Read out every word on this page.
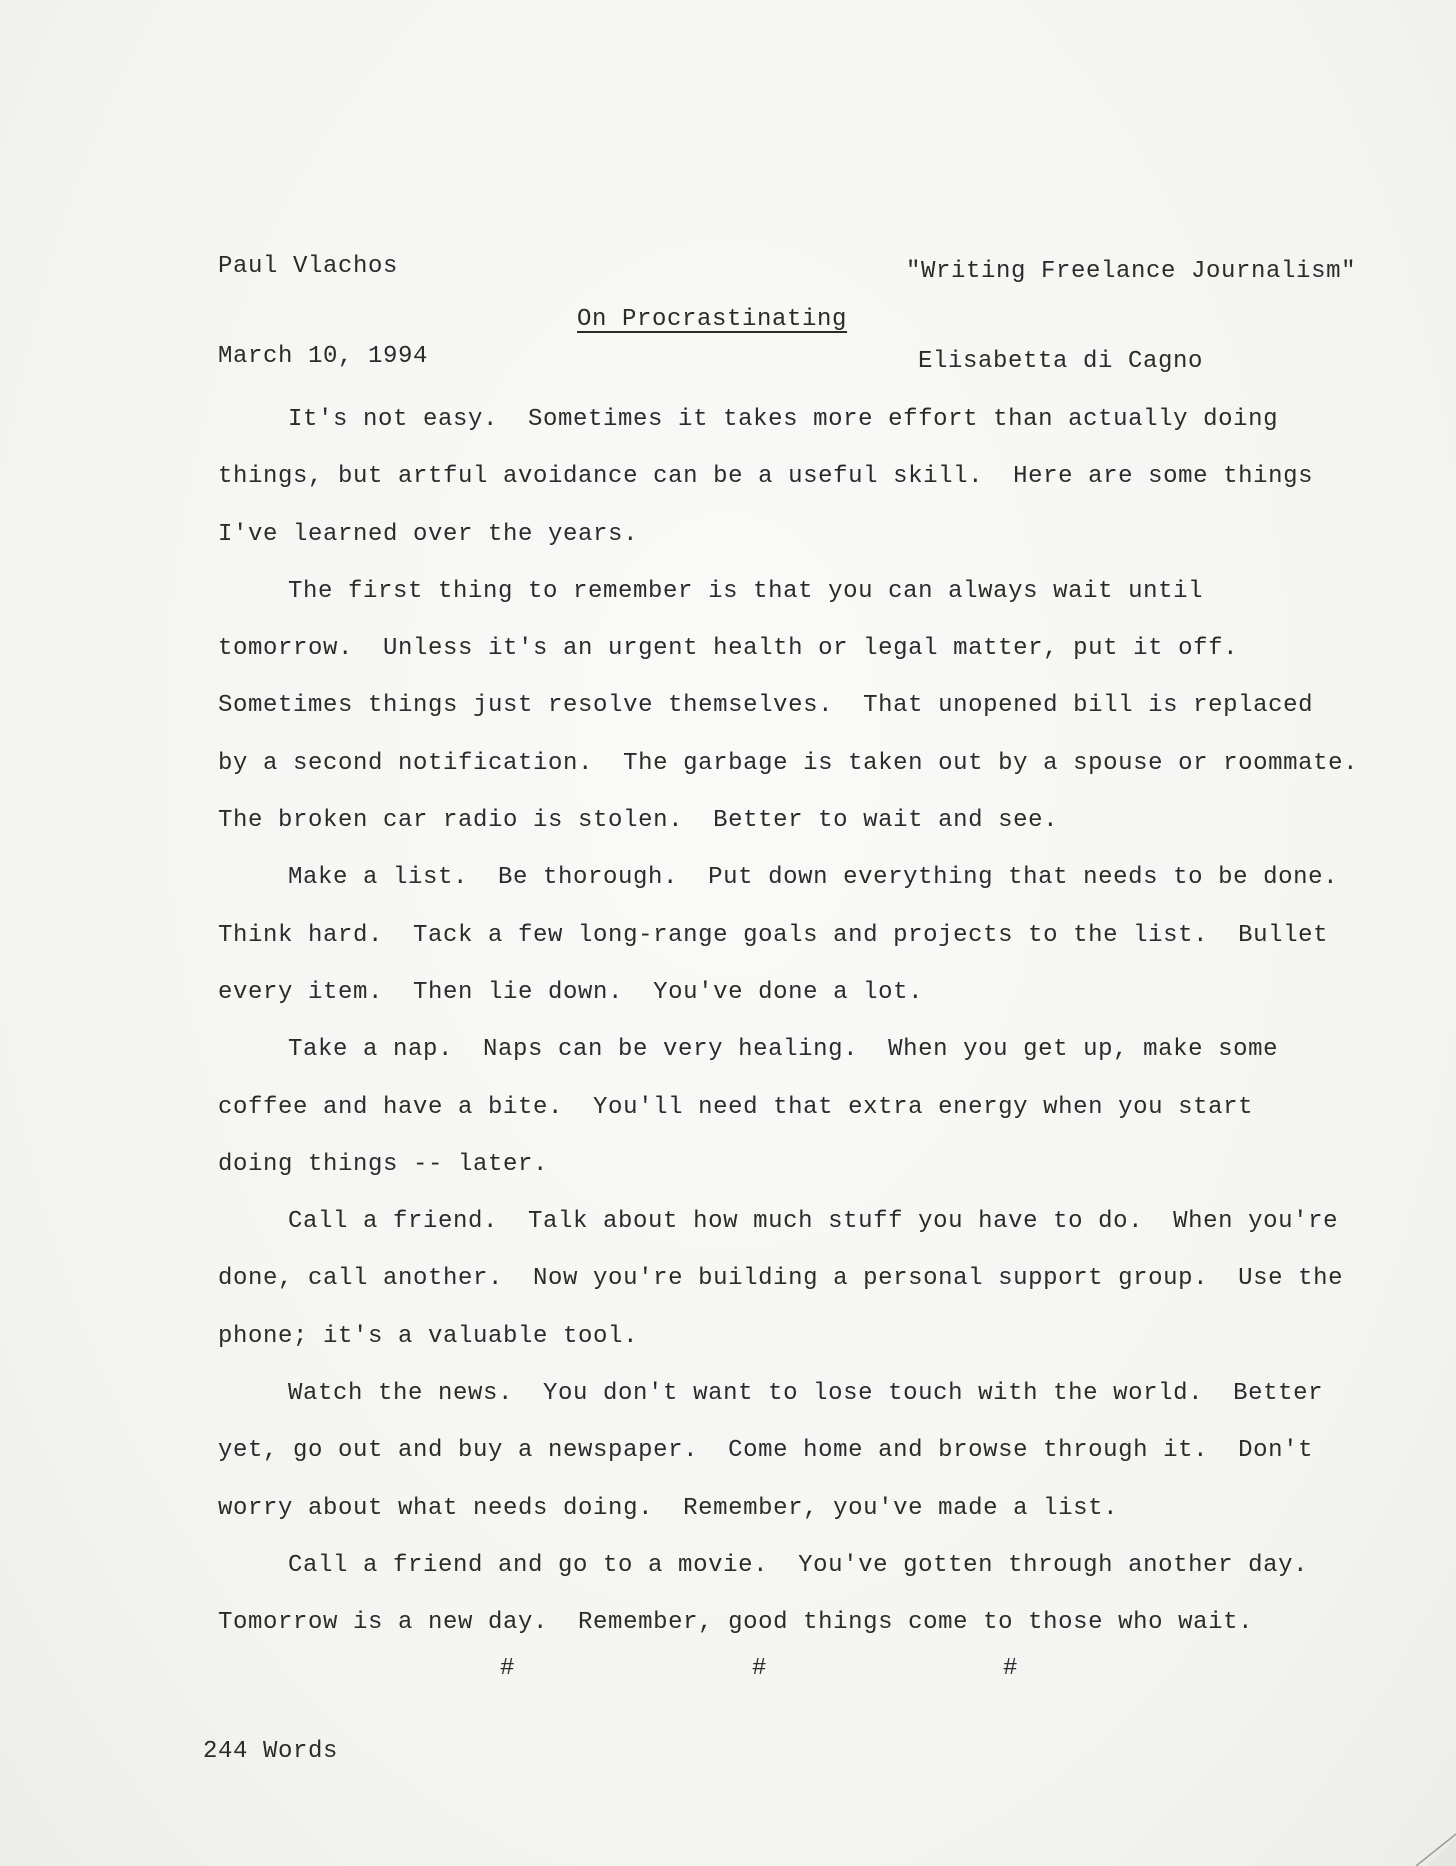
Paul Vlachos

March 10, 1994

"Writing Freelance Journalism"

Elisabetta di Cagno

On Procrastinating
It's not easy.  Sometimes it takes more effort than actually doing
things, but artful avoidance can be a useful skill.  Here are some things
I've learned over the years.
The first thing to remember is that you can always wait until
tomorrow.  Unless it's an urgent health or legal matter, put it off.
Sometimes things just resolve themselves.  That unopened bill is replaced
by a second notification.  The garbage is taken out by a spouse or roommate.
The broken car radio is stolen.  Better to wait and see.
Make a list.  Be thorough.  Put down everything that needs to be done.
Think hard.  Tack a few long-range goals and projects to the list.  Bullet
every item.  Then lie down.  You've done a lot.
Take a nap.  Naps can be very healing.  When you get up, make some
coffee and have a bite.  You'll need that extra energy when you start
doing things -- later.
Call a friend.  Talk about how much stuff you have to do.  When you're
done, call another.  Now you're building a personal support group.  Use the
phone; it's a valuable tool.
Watch the news.  You don't want to lose touch with the world.  Better
yet, go out and buy a newspaper.  Come home and browse through it.  Don't
worry about what needs doing.  Remember, you've made a list.
Call a friend and go to a movie.  You've gotten through another day.
Tomorrow is a new day.  Remember, good things come to those who wait.
#	#	#
244 Words
